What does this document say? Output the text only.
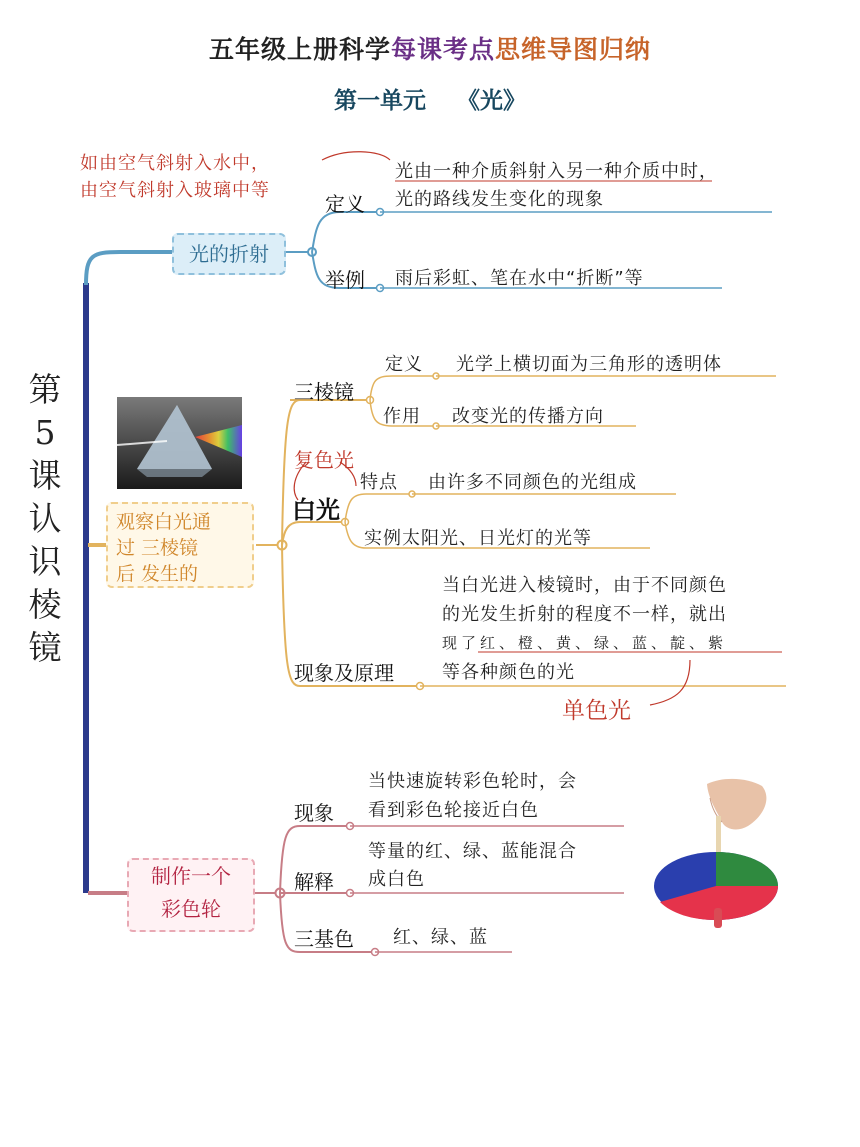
五年级上册科学每课考点思维导图归纳
第一单元　 《光》
第5课认识棱镜
光的折射
如由空气斜射入水中，
由空气斜射入玻璃中等
定义
光由一种介质斜射入另一种介质中时，
光的路线发生变化的现象
举例 雨后彩虹、笔在水中“折断”等
观察白光通
过 三棱镜
后 发生的
三棱镜
定义 光学上横切面为三角形的透明体
作用 改变光的传播方向
复色光
白光
特点 由许多不同颜色的光组成
实例太阳光、日光灯的光等
现象及原理
当白光进入棱镜时，由于不同颜色
的光发生折射的程度不一样，就出
现了红、橙、黄、绿、蓝、靛、紫
等各种颜色的光
单色光
制作一个
彩色轮
现象
当快速旋转彩色轮时，会
看到彩色轮接近白色
解释
等量的红、绿、蓝能混合
成白色
三基色 红、绿、蓝
